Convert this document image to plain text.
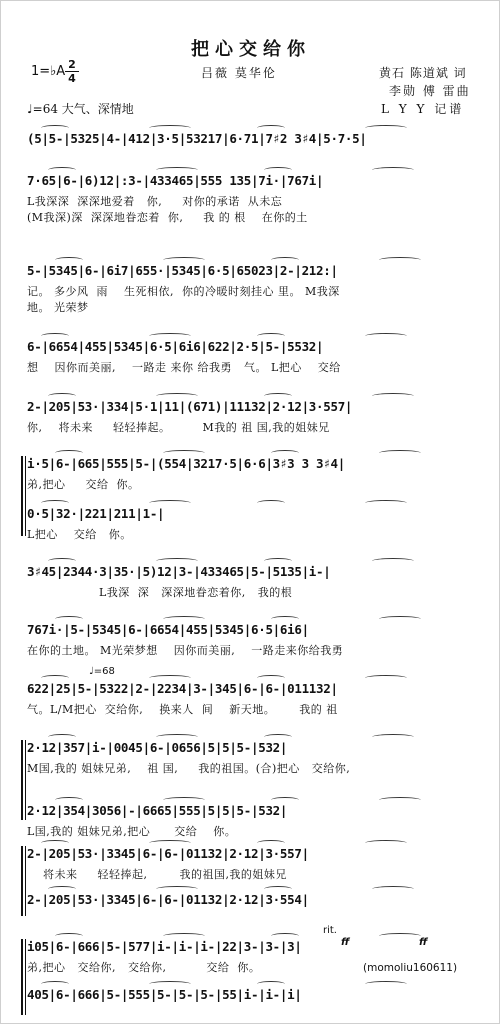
把心交给你
1=♭A 2
4	吕薇 莫华伦	黄石 陈道斌 词
李勋 傅 雷曲
♩=64 大气、深情地	L Y Y 记谱
(5|5-|5325|4-|412|3·5|53217|6·71|7♯2 3♯4|5·7·5|
7·65|6-|6)12|:3-|433465|555 135|7i·|767i|
L我深深  深深地爱着   你,     对你的承诺  从未忘
(M我深)深  深深地眷恋着  你,     我 的 根    在你的土
5-|5345|6-|6i7|655·|5345|6·5|65023|2-|212:|
记。 多少风  雨    生死相依,  你的冷暖时刻挂心 里。 M我深
地。 光荣梦
6-|6654|455|5345|6·5|6i6|622|2·5|5-|5532|
想    因你而美丽,    一路走 来你 给我勇   气。 L把心    交给
2-|205|53·|334|5·1|11|(671)|11132|2·12|3·557|
你,    将未来     轻轻捧起。        M我的 祖 国,我的姐妹兄
i·5|6-|665|555|5-|(554|3217·5|6·6|3♯3 3 3♯4|
弟,把心     交给  你。
0·5|32·|221|211|1-|
L把心    交给   你。
3♯45|2344·3|35·|5)12|3-|433465|5-|5135|i-|
L我深  深   深深地眷恋着你,   我的根
767i·|5-|5345|6-|6654|455|5345|6·5|6i6|
在你的土地。 M光荣梦想    因你而美丽,    一路走来你给我勇
622|25|5-|5322|2-|2234|3-|345|6-|6-|011132|
气。L/M把心  交给你,    换来人  间    新天地。      我的 祖
2·12|357|i-|0045|6-|0656|5|5|5-|532|
M国,我的 姐妹兄弟,    祖 国,     我的祖国。(合)把心   交给你,
2·12|354|3056|-|6665|555|5|5|5-|532|
L国,我的 姐妹兄弟,把心      交给    你。
2-|205|53·|3345|6-|6-|01132|2·12|3·557|
将未来     轻轻捧起,        我的祖国,我的姐妹兄
2-|205|53·|3345|6-|6-|01132|2·12|3·554|
i05|6-|666|5-|577|i-|i-|i-|22|3-|3-|3|
弟,把心   交给你,   交给你,          交给  你。
405|6-|666|5-|555|5-|5-|5-|55|i-|i-|i|
♩=68
rit.
ff	ff
(momoliu160611)
